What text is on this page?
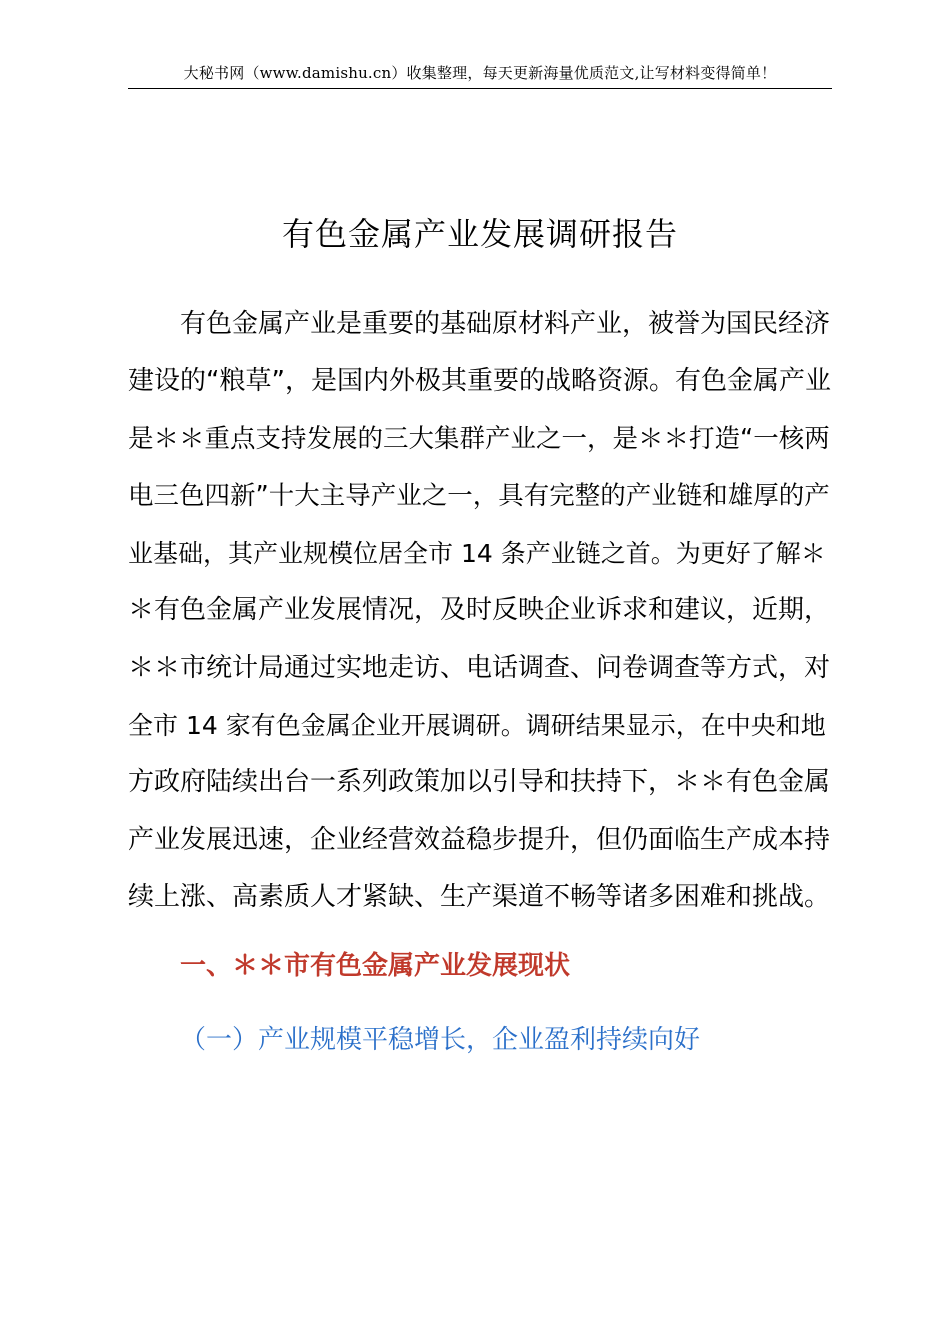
大秘书网（www.damishu.cn）收集整理，每天更新海量优质范文,让写材料变得简单！
有色金属产业发展调研报告
有色金属产业是重要的基础原材料产业，被誉为国民经济
建设的“粮草”，是国内外极其重要的战略资源。有色金属产业
是＊＊重点支持发展的三大集群产业之一，是＊＊打造“一核两
电三色四新”十大主导产业之一，具有完整的产业链和雄厚的产
业基础，其产业规模位居全市 14 条产业链之首。为更好了解＊
＊有色金属产业发展情况，及时反映企业诉求和建议，近期，
＊＊市统计局通过实地走访、电话调查、问卷调查等方式，对
全市 14 家有色金属企业开展调研。调研结果显示，在中央和地
方政府陆续出台一系列政策加以引导和扶持下，＊＊有色金属
产业发展迅速，企业经营效益稳步提升，但仍面临生产成本持
续上涨、高素质人才紧缺、生产渠道不畅等诸多困难和挑战。
一、＊＊市有色金属产业发展现状
（一）产业规模平稳增长，企业盈利持续向好
